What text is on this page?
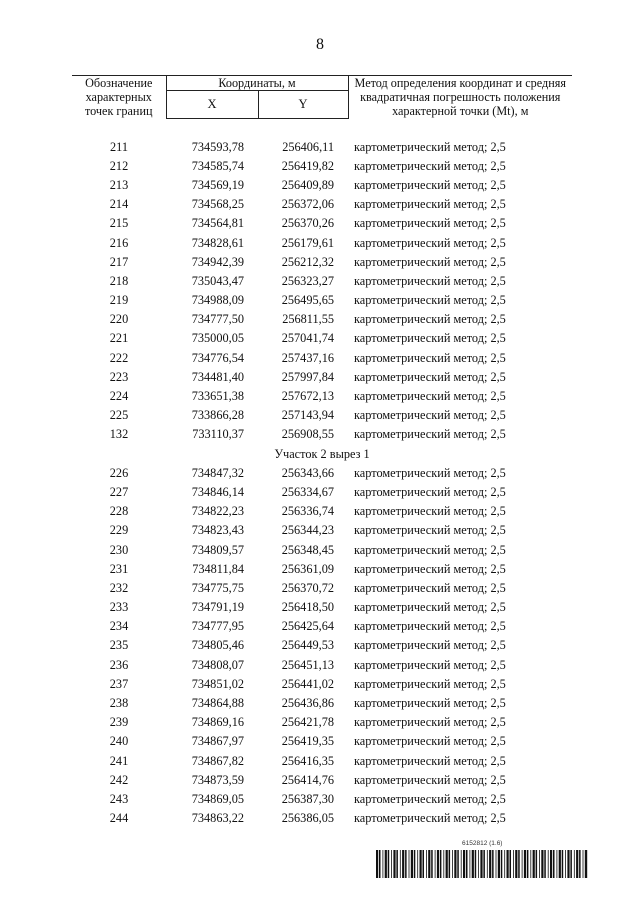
8
Обозначение характерных точек границ	Координаты, м		Метод определения координат и средняя квадратичная погрешность положения характерной точки (Mt), м
	X	Y	

211	734593,78	256406,11	картометрический метод; 2,5
212	734585,74	256419,82	картометрический метод; 2,5
213	734569,19	256409,89	картометрический метод; 2,5
214	734568,25	256372,06	картометрический метод; 2,5
215	734564,81	256370,26	картометрический метод; 2,5
216	734828,61	256179,61	картометрический метод; 2,5
217	734942,39	256212,32	картометрический метод; 2,5
218	735043,47	256323,27	картометрический метод; 2,5
219	734988,09	256495,65	картометрический метод; 2,5
220	734777,50	256811,55	картометрический метод; 2,5
221	735000,05	257041,74	картометрический метод; 2,5
222	734776,54	257437,16	картометрический метод; 2,5
223	734481,40	257997,84	картометрический метод; 2,5
224	733651,38	257672,13	картометрический метод; 2,5
225	733866,28	257143,94	картометрический метод; 2,5
132	733110,37	256908,55	картометрический метод; 2,5
Участок 2 вырез 1			
226	734847,32	256343,66	картометрический метод; 2,5
227	734846,14	256334,67	картометрический метод; 2,5
228	734822,23	256336,74	картометрический метод; 2,5
229	734823,43	256344,23	картометрический метод; 2,5
230	734809,57	256348,45	картометрический метод; 2,5
231	734811,84	256361,09	картометрический метод; 2,5
232	734775,75	256370,72	картометрический метод; 2,5
233	734791,19	256418,50	картометрический метод; 2,5
234	734777,95	256425,64	картометрический метод; 2,5
235	734805,46	256449,53	картометрический метод; 2,5
236	734808,07	256451,13	картометрический метод; 2,5
237	734851,02	256441,02	картометрический метод; 2,5
238	734864,88	256436,86	картометрический метод; 2,5
239	734869,16	256421,78	картометрический метод; 2,5
240	734867,97	256419,35	картометрический метод; 2,5
241	734867,82	256416,35	картометрический метод; 2,5
242	734873,59	256414,76	картометрический метод; 2,5
243	734869,05	256387,30	картометрический метод; 2,5
244	734863,22	256386,05	картометрический метод; 2,5
6152812 (1.6)
